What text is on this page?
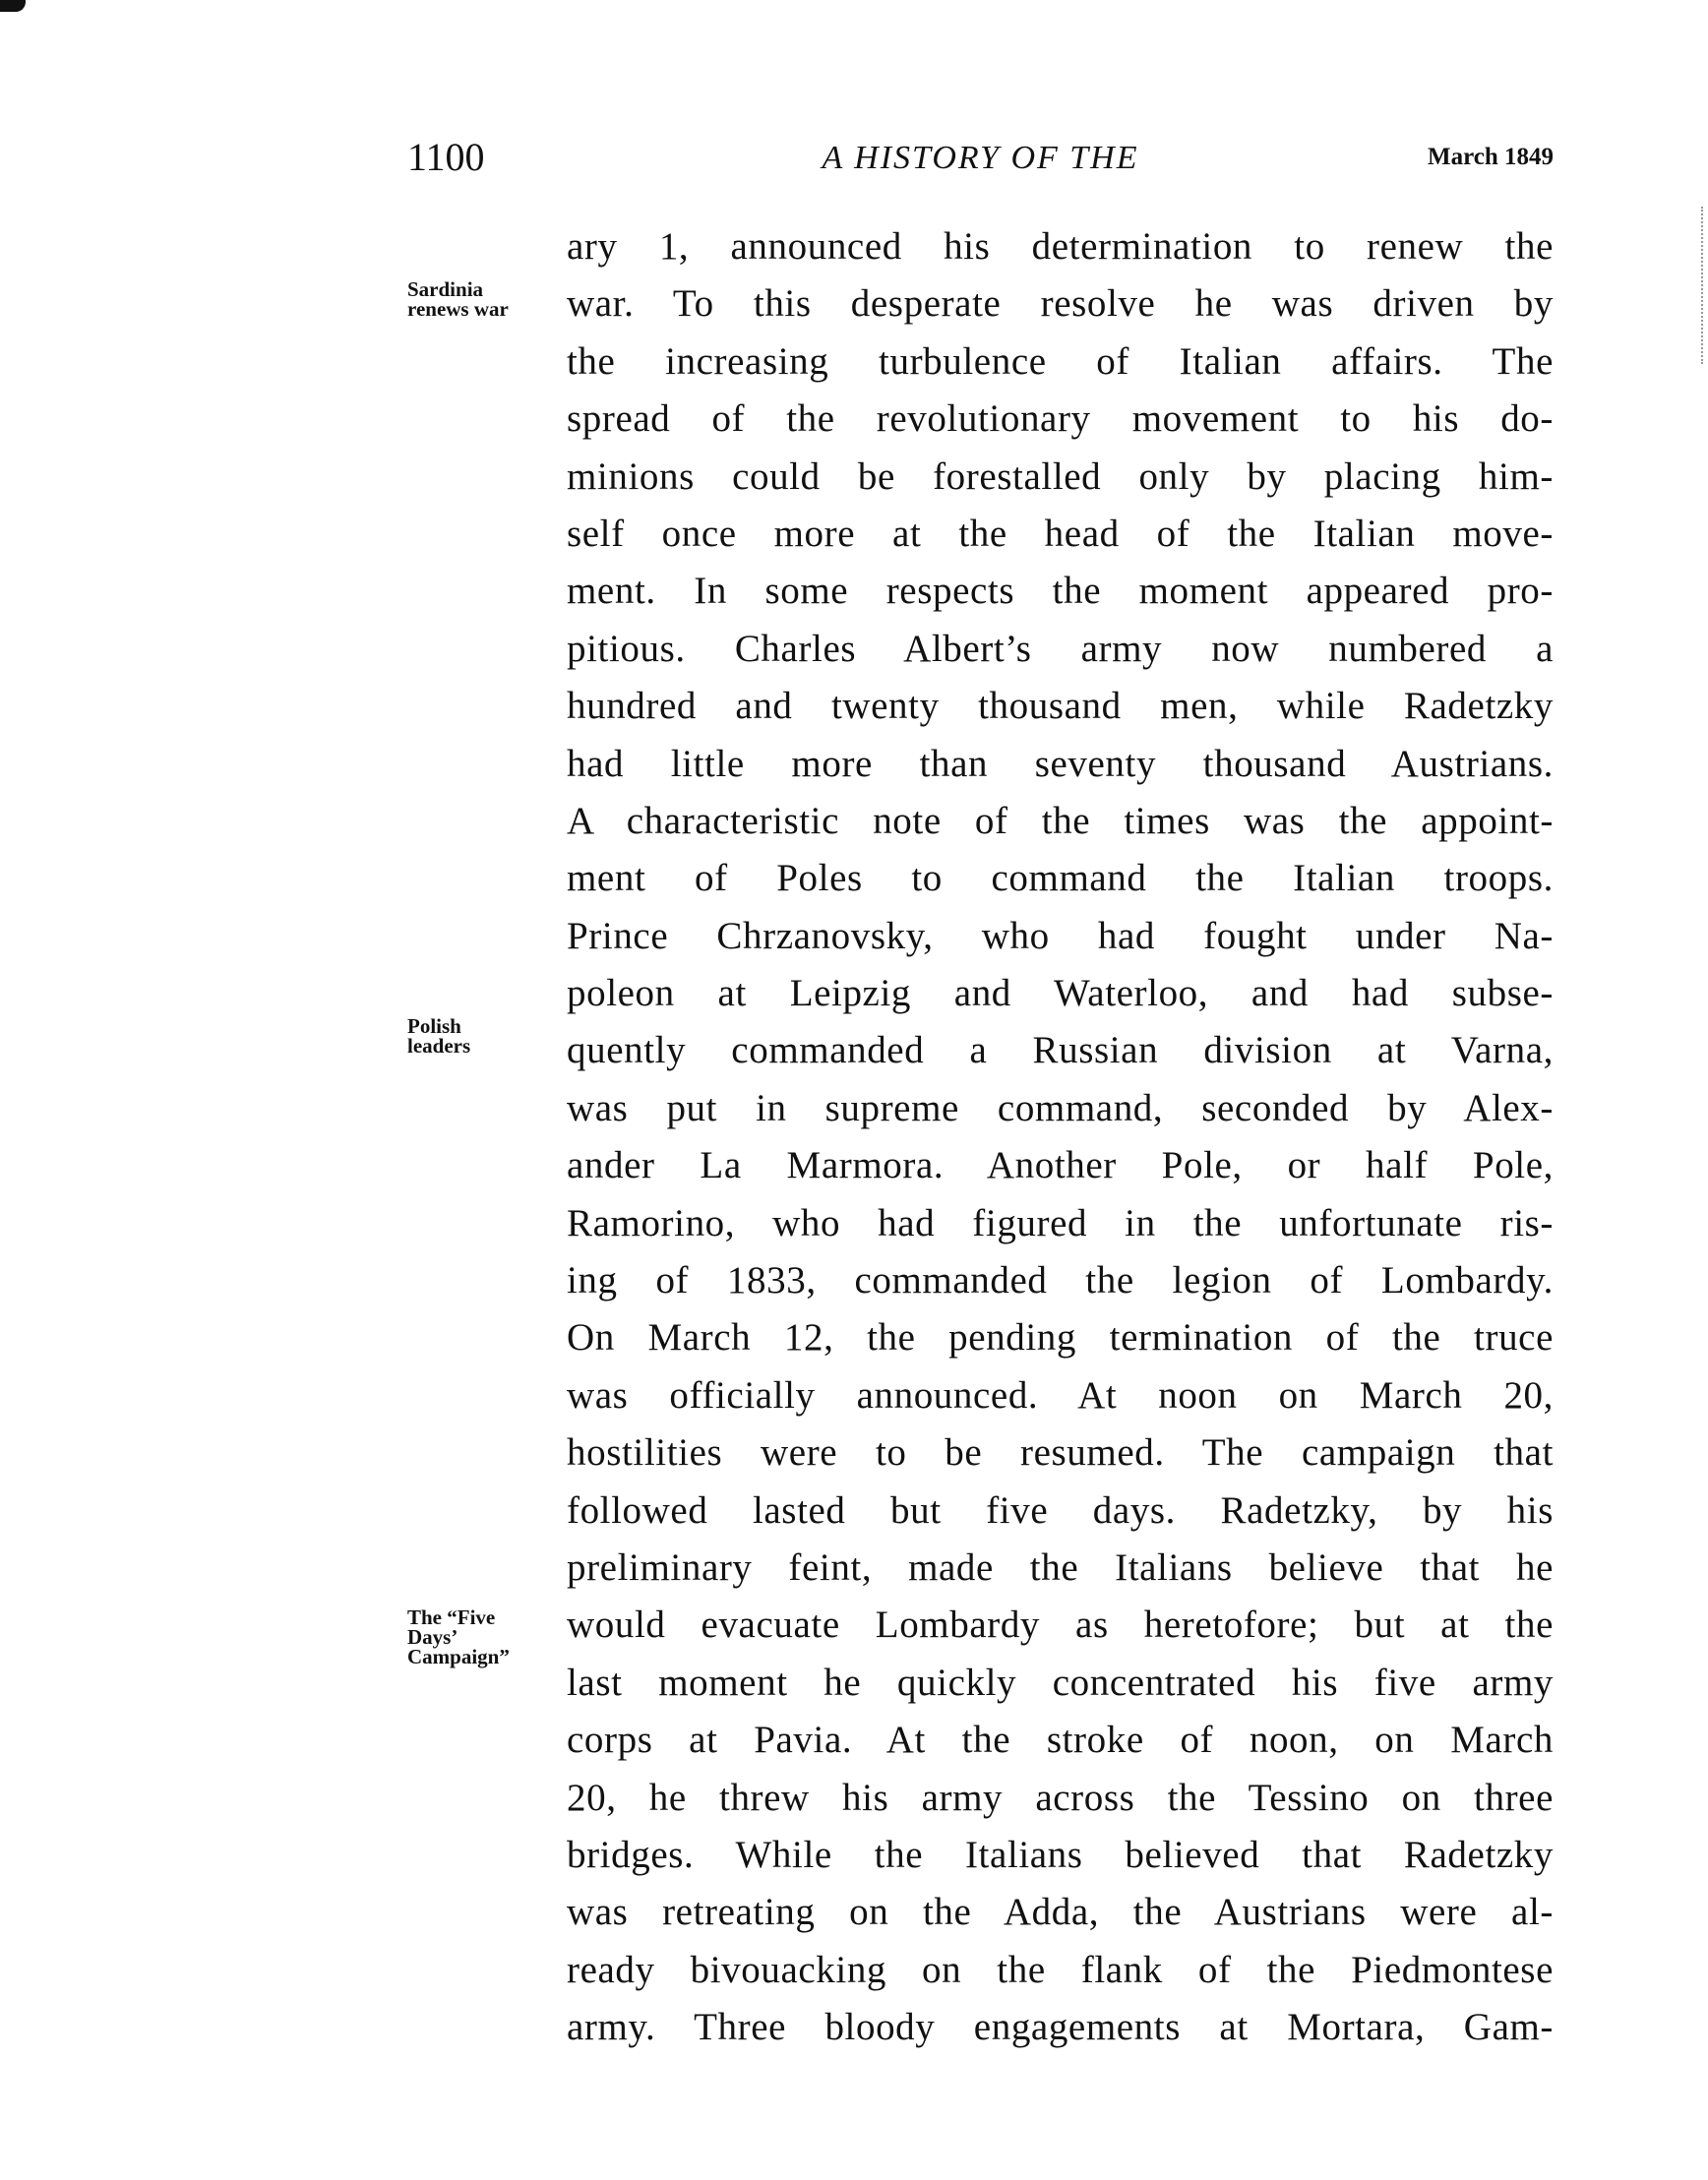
1100	A HISTORY OF THE	March 1849
Sardinia
renews war
Polish
leaders
The “Five
Days’
Campaign”
ary 1, announced his determination to renew the
war. To this desperate resolve he was driven by
the increasing turbulence of Italian affairs. The
spread of the revolutionary movement to his do-
minions could be forestalled only by placing him-
self once more at the head of the Italian move-
ment. In some respects the moment appeared pro-
pitious. Charles Albert’s army now numbered a
hundred and twenty thousand men, while Radetzky
had little more than seventy thousand Austrians.
A characteristic note of the times was the appoint-
ment of Poles to command the Italian troops.
Prince Chrzanovsky, who had fought under Na-
poleon at Leipzig and Waterloo, and had subse-
quently commanded a Russian division at Varna,
was put in supreme command, seconded by Alex-
ander La Marmora. Another Pole, or half Pole,
Ramorino, who had figured in the unfortunate ris-
ing of 1833, commanded the legion of Lombardy.
On March 12, the pending termination of the truce
was officially announced. At noon on March 20,
hostilities were to be resumed. The campaign that
followed lasted but five days. Radetzky, by his
preliminary feint, made the Italians believe that he
would evacuate Lombardy as heretofore; but at the
last moment he quickly concentrated his five army
corps at Pavia. At the stroke of noon, on March
20, he threw his army across the Tessino on three
bridges. While the Italians believed that Radetzky
was retreating on the Adda, the Austrians were al-
ready bivouacking on the flank of the Piedmontese
army. Three bloody engagements at Mortara, Gam-
